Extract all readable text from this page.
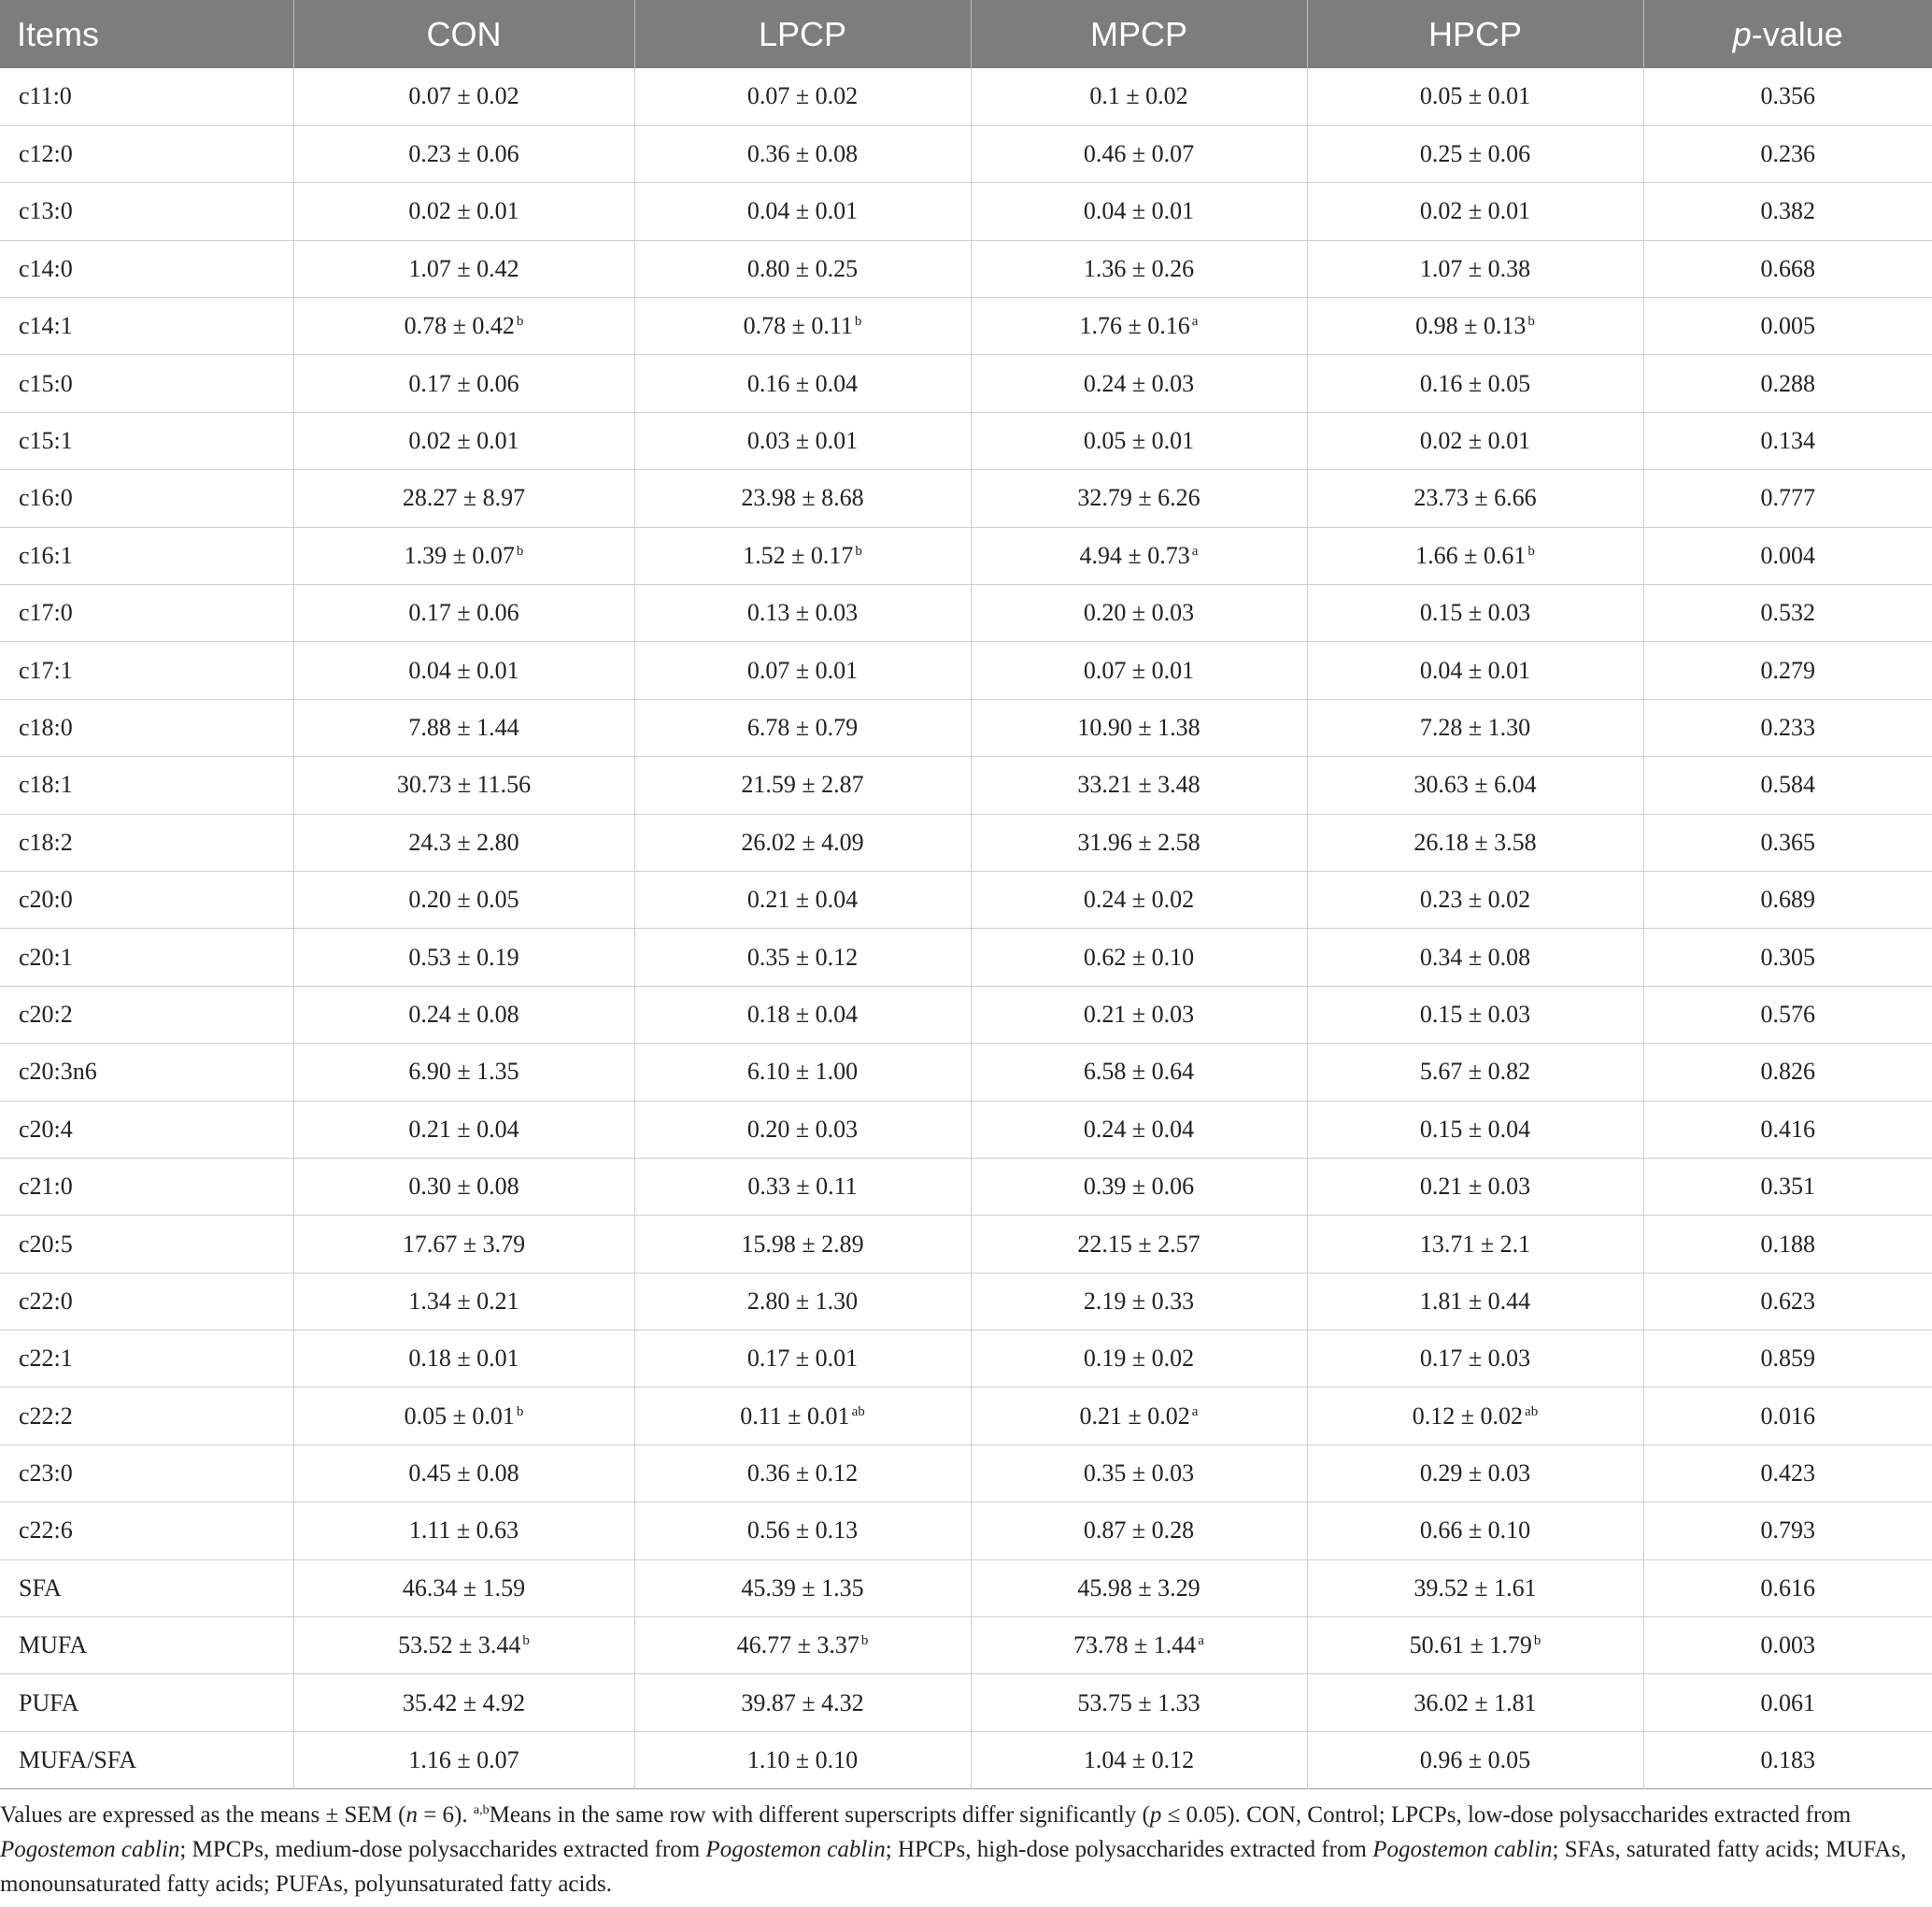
Items	CON	LPCP	MPCP	HPCP	p-value
c11:0	0.07 ± 0.02	0.07 ± 0.02	0.1 ± 0.02	0.05 ± 0.01	0.356
c12:0	0.23 ± 0.06	0.36 ± 0.08	0.46 ± 0.07	0.25 ± 0.06	0.236
c13:0	0.02 ± 0.01	0.04 ± 0.01	0.04 ± 0.01	0.02 ± 0.01	0.382
c14:0	1.07 ± 0.42	0.80 ± 0.25	1.36 ± 0.26	1.07 ± 0.38	0.668
c14:1	0.78 ± 0.42 $^b$	0.78 ± 0.11 $^b$	1.76 ± 0.16 $^a$	0.98 ± 0.13 $^b$	0.005
c15:0	0.17 ± 0.06	0.16 ± 0.04	0.24 ± 0.03	0.16 ± 0.05	0.288
c15:1	0.02 ± 0.01	0.03 ± 0.01	0.05 ± 0.01	0.02 ± 0.01	0.134
c16:0	28.27 ± 8.97	23.98 ± 8.68	32.79 ± 6.26	23.73 ± 6.66	0.777
c16:1	1.39 ± 0.07 $^b$	1.52 ± 0.17 $^b$	4.94 ± 0.73 $^a$	1.66 ± 0.61 $^b$	0.004
c17:0	0.17 ± 0.06	0.13 ± 0.03	0.20 ± 0.03	0.15 ± 0.03	0.532
c17:1	0.04 ± 0.01	0.07 ± 0.01	0.07 ± 0.01	0.04 ± 0.01	0.279
c18:0	7.88 ± 1.44	6.78 ± 0.79	10.90 ± 1.38	7.28 ± 1.30	0.233
c18:1	30.73 ± 11.56	21.59 ± 2.87	33.21 ± 3.48	30.63 ± 6.04	0.584
c18:2	24.3 ± 2.80	26.02 ± 4.09	31.96 ± 2.58	26.18 ± 3.58	0.365
c20:0	0.20 ± 0.05	0.21 ± 0.04	0.24 ± 0.02	0.23 ± 0.02	0.689
c20:1	0.53 ± 0.19	0.35 ± 0.12	0.62 ± 0.10	0.34 ± 0.08	0.305
c20:2	0.24 ± 0.08	0.18 ± 0.04	0.21 ± 0.03	0.15 ± 0.03	0.576
c20:3n6	6.90 ± 1.35	6.10 ± 1.00	6.58 ± 0.64	5.67 ± 0.82	0.826
c20:4	0.21 ± 0.04	0.20 ± 0.03	0.24 ± 0.04	0.15 ± 0.04	0.416
c21:0	0.30 ± 0.08	0.33 ± 0.11	0.39 ± 0.06	0.21 ± 0.03	0.351
c20:5	17.67 ± 3.79	15.98 ± 2.89	22.15 ± 2.57	13.71 ± 2.1	0.188
c22:0	1.34 ± 0.21	2.80 ± 1.30	2.19 ± 0.33	1.81 ± 0.44	0.623
c22:1	0.18 ± 0.01	0.17 ± 0.01	0.19 ± 0.02	0.17 ± 0.03	0.859
c22:2	0.05 ± 0.01 $^b$	0.11 ± 0.01 $^{ab}$	0.21 ± 0.02 $^a$	0.12 ± 0.02 $^{ab}$	0.016
c23:0	0.45 ± 0.08	0.36 ± 0.12	0.35 ± 0.03	0.29 ± 0.03	0.423
c22:6	1.11 ± 0.63	0.56 ± 0.13	0.87 ± 0.28	0.66 ± 0.10	0.793
SFA	46.34 ± 1.59	45.39 ± 1.35	45.98 ± 3.29	39.52 ± 1.61	0.616
MUFA	53.52 ± 3.44 $^b$	46.77 ± 3.37 $^b$	73.78 ± 1.44 $^a$	50.61 ± 1.79 $^b$	0.003
PUFA	35.42 ± 4.92	39.87 ± 4.32	53.75 ± 1.33	36.02 ± 1.81	0.061
MUFA/SFA	1.16 ± 0.07	1.10 ± 0.10	1.04 ± 0.12	0.96 ± 0.05	0.183
Values are expressed as the means ± SEM (n = 6). $^{a,b}$Means in the same row with different superscripts differ significantly (p ≤ 0.05). CON, Control; LPCPs, low-dose polysaccharides extracted from Pogostemon cablin; MPCPs, medium-dose polysaccharides extracted from Pogostemon cablin; HPCPs, high-dose polysaccharides extracted from Pogostemon cablin; SFAs, saturated fatty acids; MUFAs, monounsaturated fatty acids; PUFAs, polyunsaturated fatty acids.
